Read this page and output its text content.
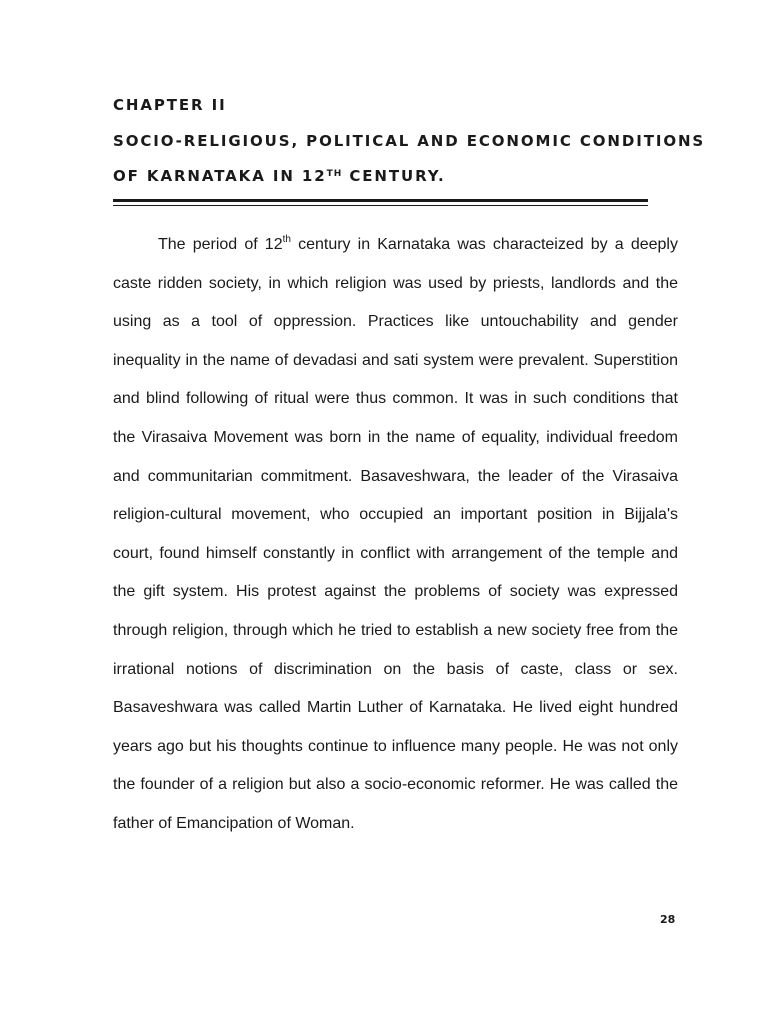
CHAPTER II
SOCIO-RELIGIOUS, POLITICAL AND ECONOMIC CONDITIONS
OF KARNATAKA IN 12TH CENTURY.

The period of 12th century in Karnataka was characteized by a deeply caste ridden society, in which religion was used by priests, landlords and the using as a tool of oppression. Practices like untouchability and gender inequality in the name of devadasi and sati system were prevalent. Superstition and blind following of ritual were thus common. It was in such conditions that the Virasaiva Movement was born in the name of equality, individual freedom and communitarian commitment. Basaveshwara, the leader of the Virasaiva religion-cultural movement, who occupied an important position in Bijjala's court, found himself constantly in conflict with arrangement of the temple and the gift system. His protest against the problems of society was expressed through religion, through which he tried to establish a new society free from the irrational notions of discrimination on the basis of caste, class or sex. Basaveshwara was called Martin Luther of Karnataka. He lived eight hundred years ago but his thoughts continue to influence many people. He was not only the founder of a religion but also a socio-economic reformer. He was called the father of Emancipation of Woman.

28
